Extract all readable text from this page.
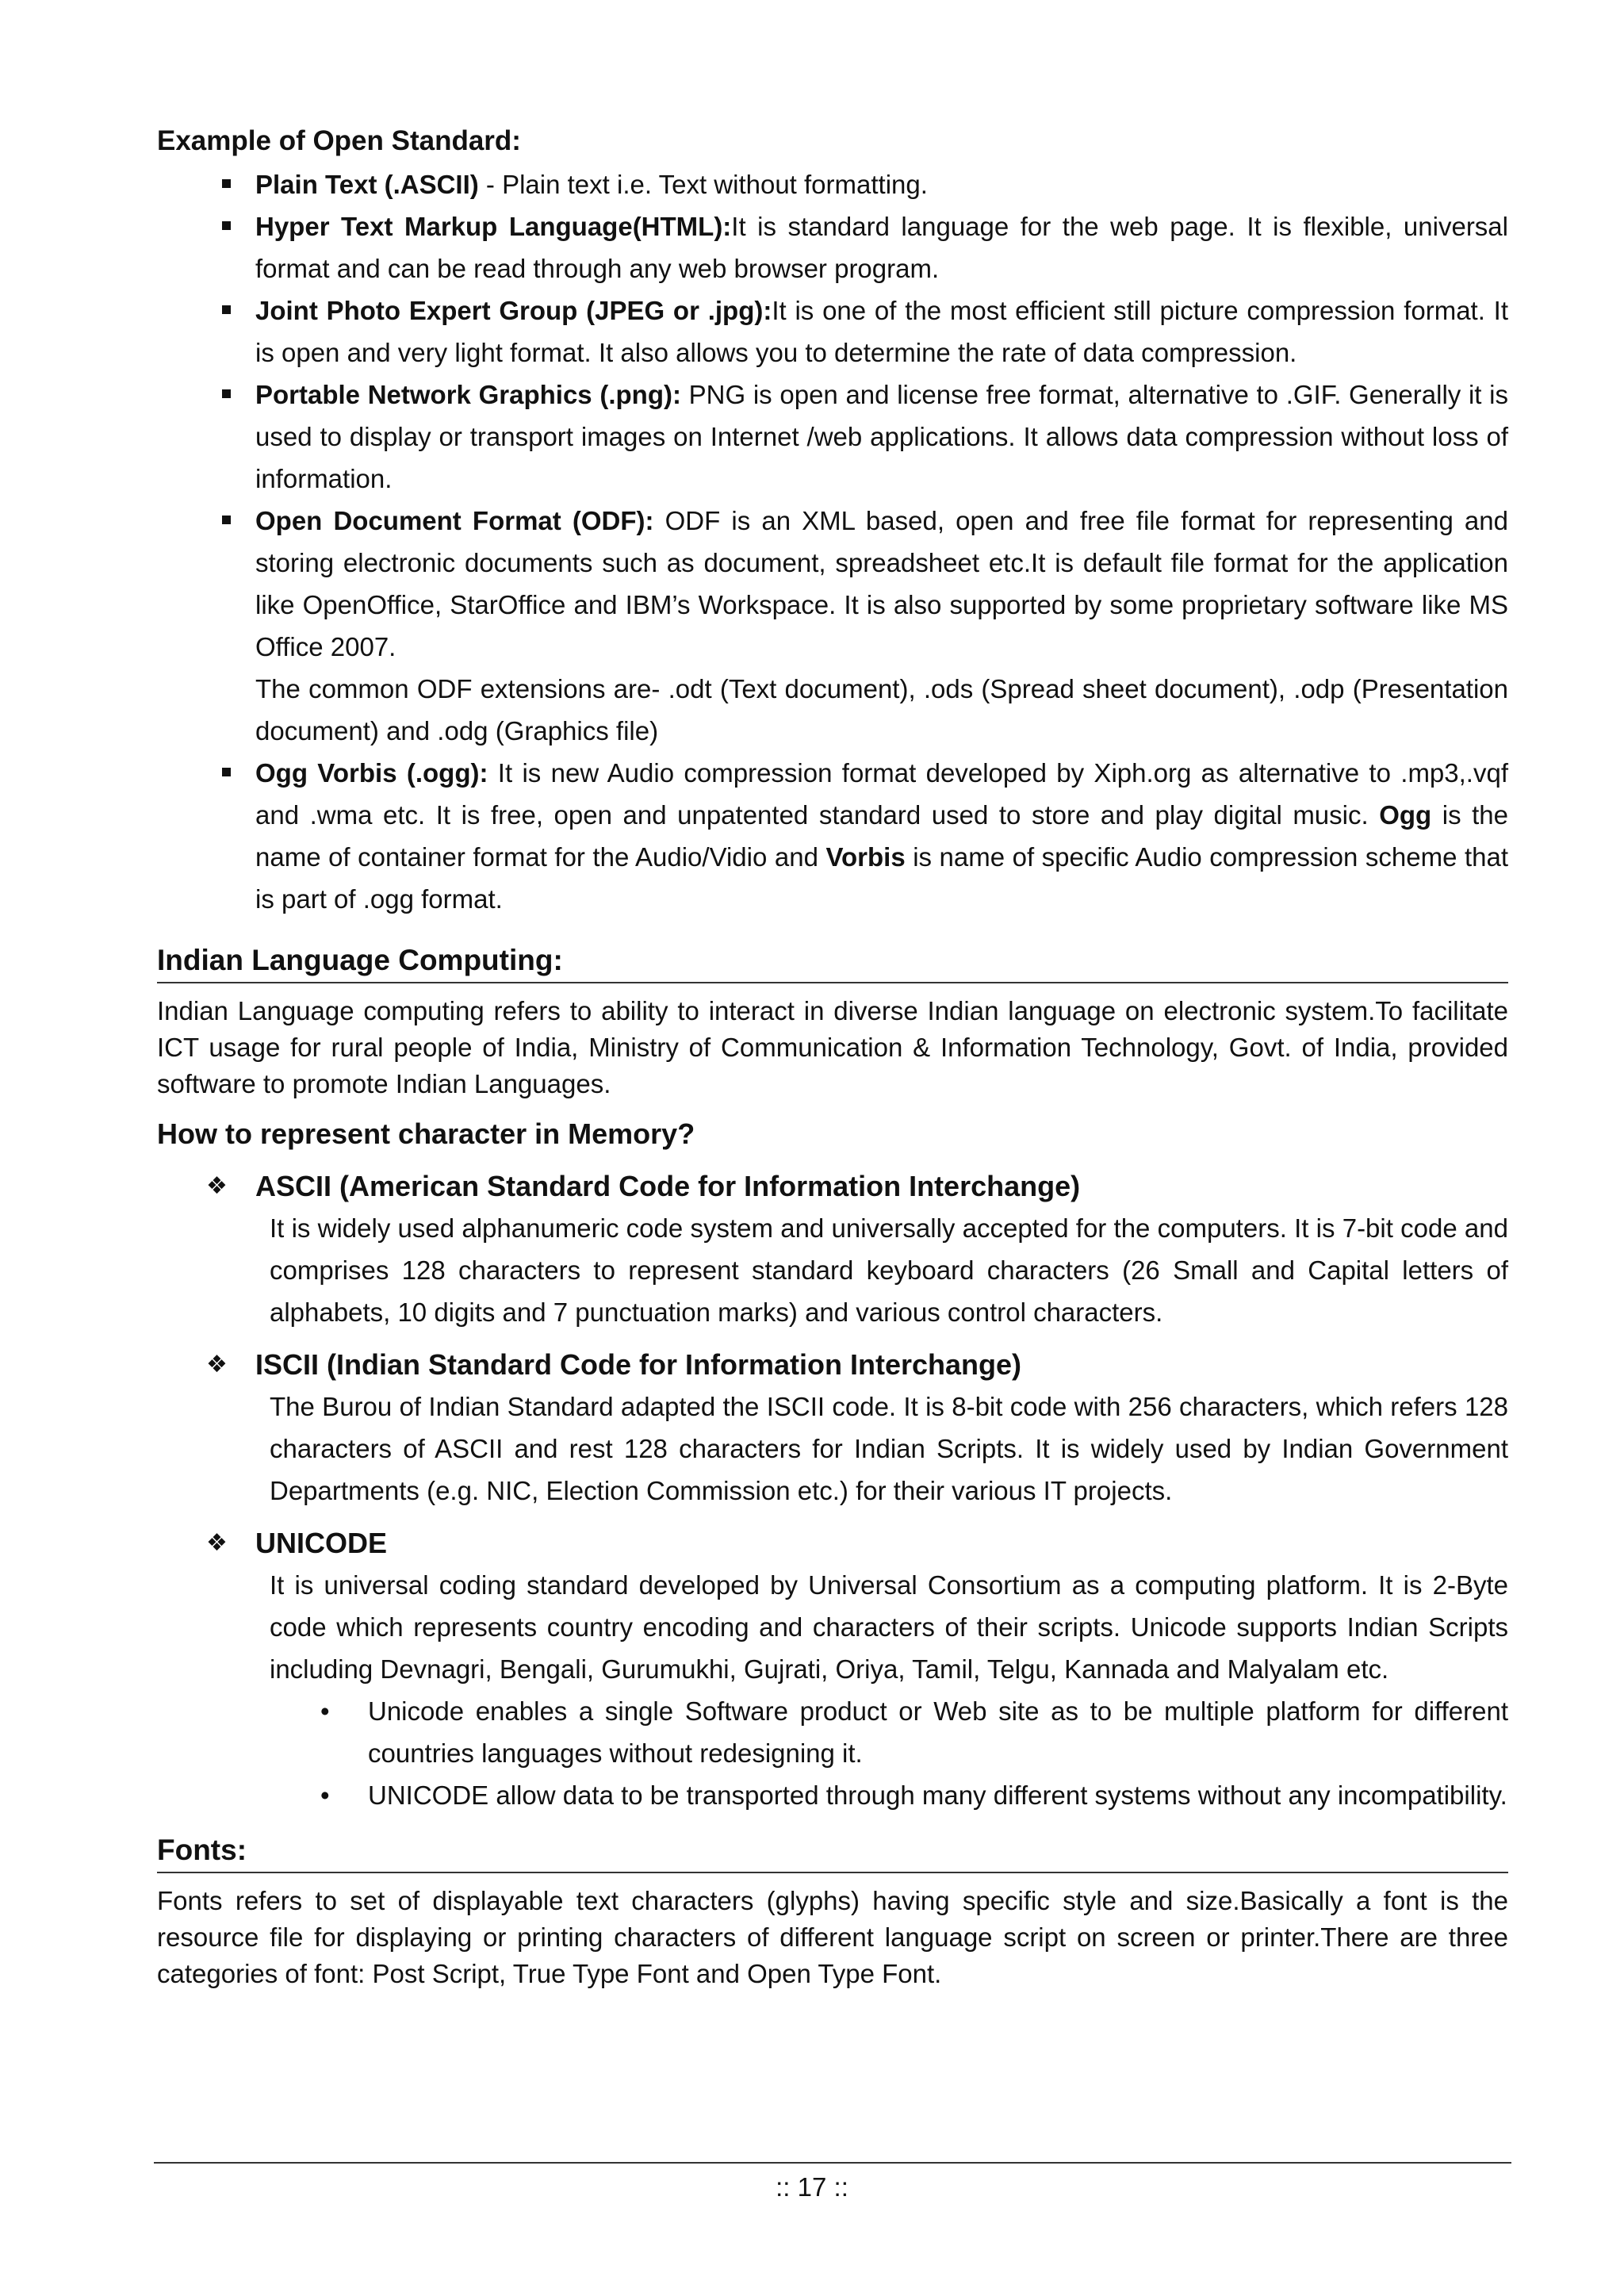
Example of Open Standard:

Plain Text (.ASCII) - Plain text i.e. Text without formatting.
Hyper Text Markup Language(HTML):It is standard language for the web page. It is flexible, universal format and can be read through any web browser program.
Joint Photo Expert Group (JPEG or .jpg):It is one of the most efficient still picture compression format. It is open and very light format. It also allows you to determine the rate of data compression.
Portable Network Graphics (.png): PNG is open and license free format, alternative to .GIF. Generally it is used to display or transport images on Internet /web applications. It allows data compression without loss of information.
Open Document Format (ODF): ODF is an XML based, open and free file format for representing and storing electronic documents such as document, spreadsheet etc.It is default file format for the application like OpenOffice, StarOffice and IBM’s Workspace. It is also supported by some proprietary software like MS Office 2007.
The common ODF extensions are- .odt (Text document), .ods (Spread sheet document), .odp (Presentation document) and .odg (Graphics file)
Ogg Vorbis (.ogg): It is new Audio compression format developed by Xiph.org as alternative to .mp3,.vqf and .wma etc. It is free, open and unpatented standard used to store and play digital music. Ogg is the name of container format for the Audio/Vidio and Vorbis is name of specific Audio compression scheme that is part of .ogg format.
Indian Language Computing:

Indian Language computing refers to ability to interact in diverse Indian language on electronic system.To facilitate ICT usage for rural people of India, Ministry of Communication & Information Technology, Govt. of India, provided software to promote Indian Languages.

How to represent character in Memory?

❖ ASCII (American Standard Code for Information Interchange)
It is widely used alphanumeric code system and universally accepted for the computers. It is 7-bit code and comprises 128 characters to represent standard keyboard characters (26 Small and Capital letters of alphabets, 10 digits and 7 punctuation marks) and various control characters.
❖ ISCII (Indian Standard Code for Information Interchange)
The Burou of Indian Standard adapted the ISCII code. It is 8-bit code with 256 characters, which refers 128 characters of ASCII and rest 128 characters for Indian Scripts. It is widely used by Indian Government Departments (e.g. NIC, Election Commission etc.) for their various IT projects.
❖ UNICODE
It is universal coding standard developed by Universal Consortium as a computing platform. It is 2-Byte code which represents country encoding and characters of their scripts. Unicode supports Indian Scripts including Devnagri, Bengali, Gurumukhi, Gujrati, Oriya, Tamil, Telgu, Kannada and Malyalam etc.
• Unicode enables a single Software product or Web site as to be multiple platform for different countries languages without redesigning it.
• UNICODE allow data to be transported through many different systems without any incompatibility.
Fonts:

Fonts refers to set of displayable text characters (glyphs) having specific style and size.Basically a font is the resource file for displaying or printing characters of different language script on screen or printer.There are three categories of font: Post Script, True Type Font and Open Type Font.

:: 17 ::
